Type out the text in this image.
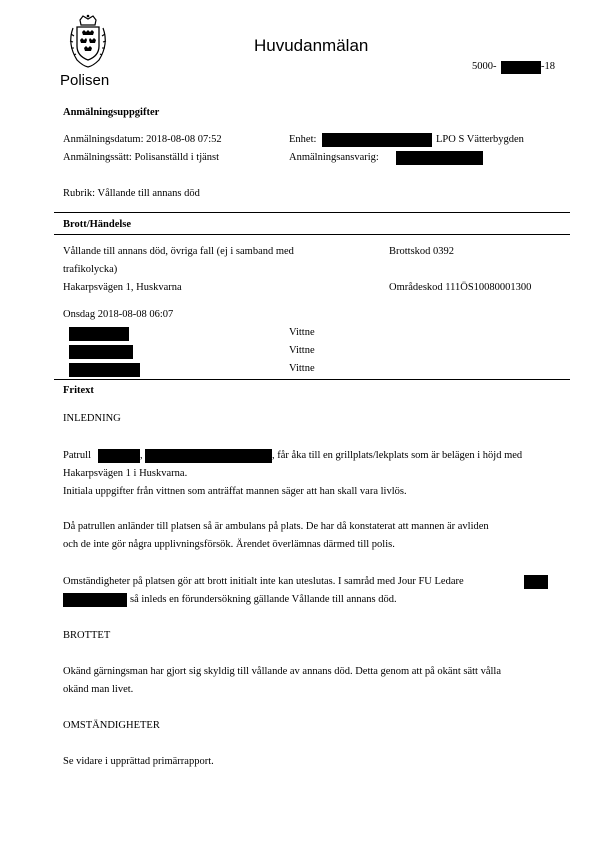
Polisen
Huvudanmälan
5000-	-18
Anmälningsuppgifter
Anmälningsdatum: 2018-08-08 07:52	Enhet:	LPO S Vätterbygden
Anmälningssätt: Polisanställd i tjänst	Anmälningsansvarig:
Rubrik: Vållande till annans död
Brott/Händelse
Vållande till annans död, övriga fall (ej i samband med
trafikolycka)
Brottskod 0392
Hakarpsvägen 1, Huskvarna	Områdeskod 111ÖS10080001300
Onsdag 2018-08-08 06:07
Vittne
Vittne
Vittne
Fritext
INLEDNING
Patrull	,	, får åka till en grillplats/lekplats som är belägen i höjd med
Hakarpsvägen 1 i Huskvarna.
Initiala uppgifter från vittnen som anträffat mannen säger att han skall vara livlös.
Då patrullen anländer till platsen så är ambulans på plats. De har då konstaterat att mannen är avliden
och de inte gör några upplivningsförsök. Ärendet överlämnas därmed till polis.
Omständigheter på platsen gör att brott initialt inte kan uteslutas. I samråd med Jour FU Ledare
så inleds en förundersökning gällande Vållande till annans död.
BROTTET
Okänd gärningsman har gjort sig skyldig till vållande av annans död. Detta genom att på okänt sätt vålla
okänd man livet.
OMSTÄNDIGHETER
Se vidare i upprättad primärrapport.
